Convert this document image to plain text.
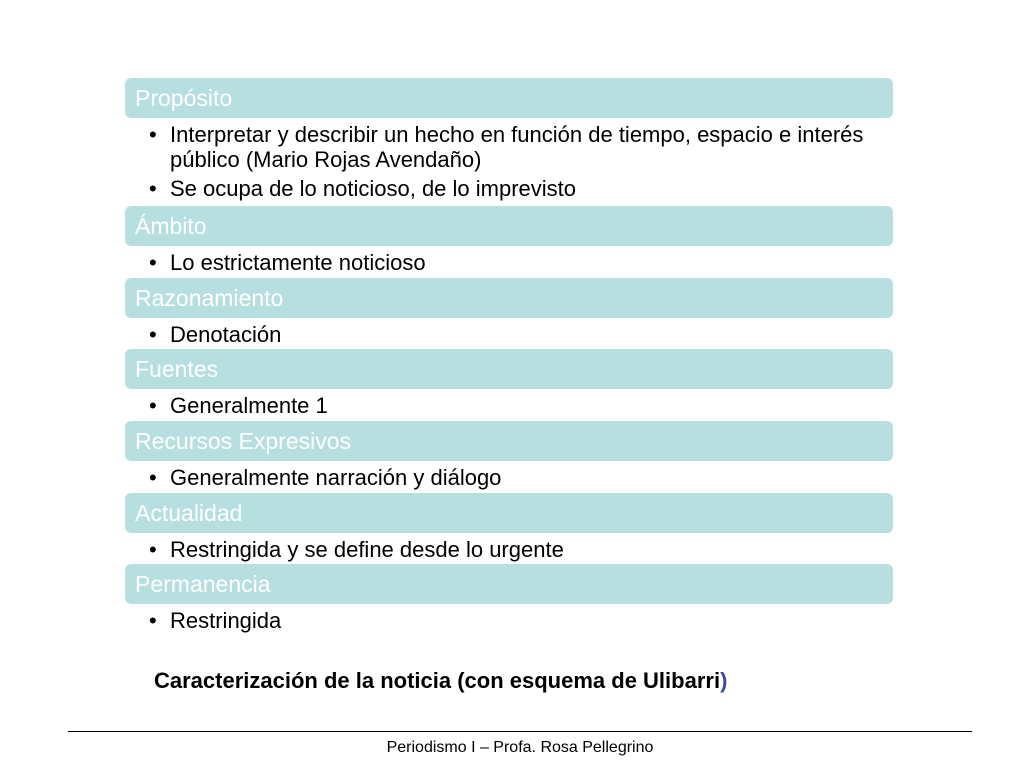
Propósito
• Interpretar y describir un hecho en función de tiempo, espacio e interés público (Mario Rojas Avendaño)
• Se ocupa de lo noticioso, de lo imprevisto
Ámbito
• Lo estrictamente noticioso
Razonamiento
• Denotación
Fuentes
• Generalmente 1
Recursos Expresivos
• Generalmente narración y diálogo
Actualidad
• Restringida y se define desde lo urgente
Permanencia
• Restringida
Caracterización de la noticia (con esquema de Ulibarri)
Periodismo I – Profa. Rosa Pellegrino
